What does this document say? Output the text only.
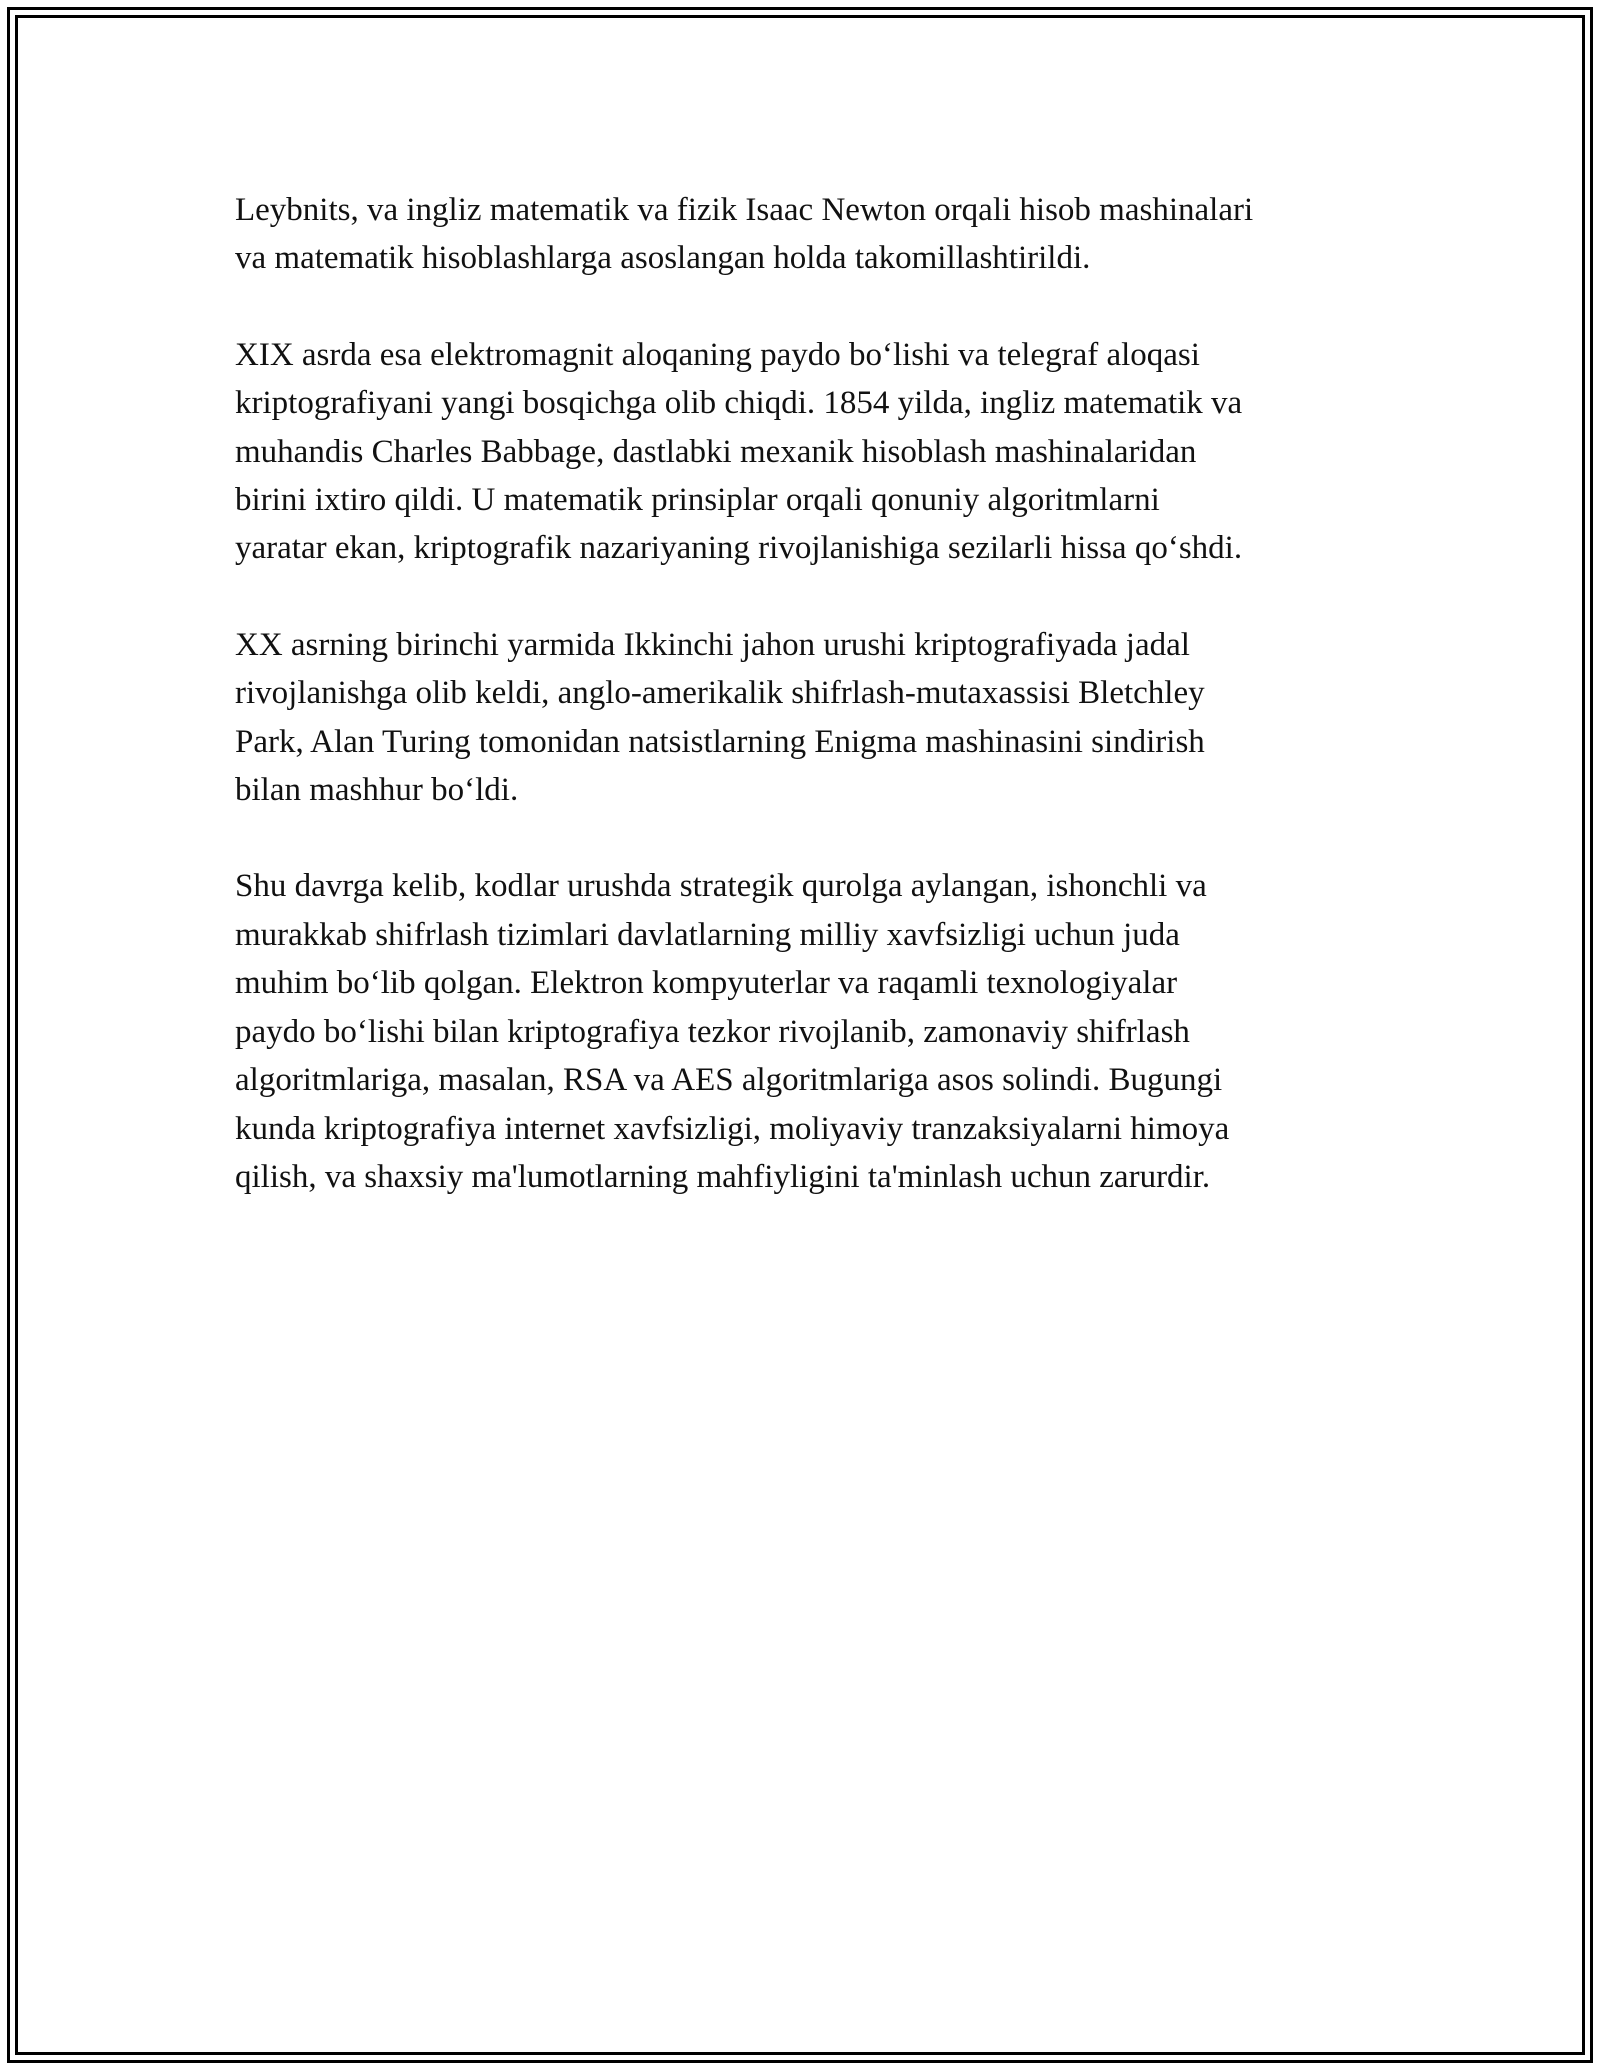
Leybnits, va ingliz matematik va fizik Isaac Newton orqali hisob mashinalari
va matematik hisoblashlarga asoslangan holda takomillashtirildi.

XIX asrda esa elektromagnit aloqaning paydo bo‘lishi va telegraf aloqasi
kriptografiyani yangi bosqichga olib chiqdi. 1854 yilda, ingliz matematik va
muhandis Charles Babbage, dastlabki mexanik hisoblash mashinalaridan
birini ixtiro qildi. U matematik prinsiplar orqali qonuniy algoritmlarni
yaratar ekan, kriptografik nazariyaning rivojlanishiga sezilarli hissa qo‘shdi.

XX asrning birinchi yarmida Ikkinchi jahon urushi kriptografiyada jadal
rivojlanishga olib keldi, anglo-amerikalik shifrlash-mutaxassisi Bletchley
Park, Alan Turing tomonidan natsistlarning Enigma mashinasini sindirish
bilan mashhur bo‘ldi.

Shu davrga kelib, kodlar urushda strategik qurolga aylangan, ishonchli va
murakkab shifrlash tizimlari davlatlarning milliy xavfsizligi uchun juda
muhim bo‘lib qolgan. Elektron kompyuterlar va raqamli texnologiyalar
paydo bo‘lishi bilan kriptografiya tezkor rivojlanib, zamonaviy shifrlash
algoritmlariga, masalan, RSA va AES algoritmlariga asos solindi. Bugungi
kunda kriptografiya internet xavfsizligi, moliyaviy tranzaksiyalarni himoya
qilish, va shaxsiy ma'lumotlarning mahfiyligini ta'minlash uchun zarurdir.
